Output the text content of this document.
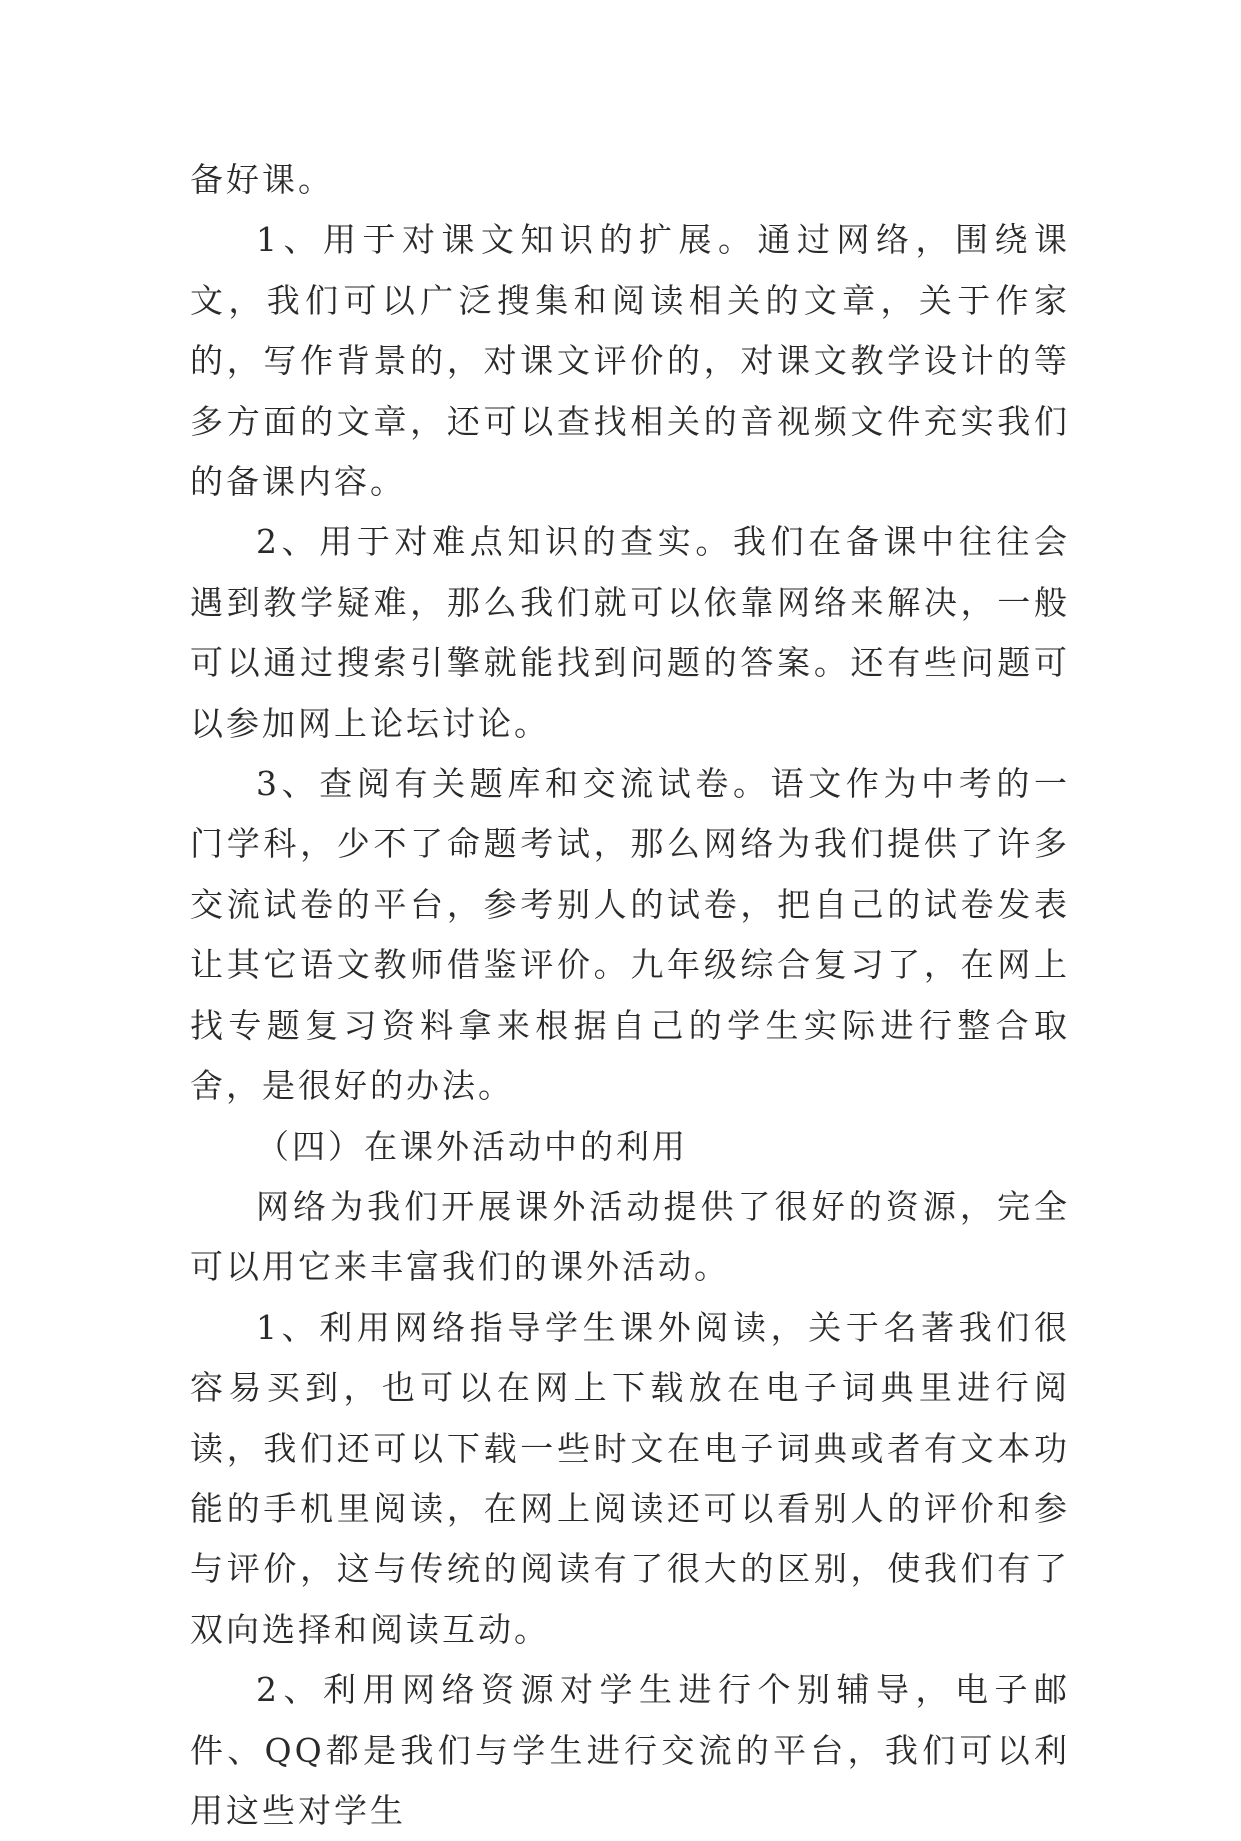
备好课。

1、用于对课文知识的扩展。通过网络，围绕课文，我们可以广泛搜集和阅读相关的文章，关于作家的，写作背景的，对课文评价的，对课文教学设计的等多方面的文章，还可以查找相关的音视频文件充实我们的备课内容。

2、用于对难点知识的查实。我们在备课中往往会遇到教学疑难，那么我们就可以依靠网络来解决，一般可以通过搜索引擎就能找到问题的答案。还有些问题可以参加网上论坛讨论。

3、查阅有关题库和交流试卷。语文作为中考的一门学科，少不了命题考试，那么网络为我们提供了许多交流试卷的平台，参考别人的试卷，把自己的试卷发表让其它语文教师借鉴评价。九年级综合复习了，在网上找专题复习资料拿来根据自己的学生实际进行整合取舍，是很好的办法。

（四）在课外活动中的利用

网络为我们开展课外活动提供了很好的资源，完全可以用它来丰富我们的课外活动。

1、利用网络指导学生课外阅读，关于名著我们很容易买到，也可以在网上下载放在电子词典里进行阅读，我们还可以下载一些时文在电子词典或者有文本功能的手机里阅读，在网上阅读还可以看别人的评价和参与评价，这与传统的阅读有了很大的区别，使我们有了双向选择和阅读互动。

2、利用网络资源对学生进行个别辅导，电子邮件、QQ都是我们与学生进行交流的平台，我们可以利用这些对学生
